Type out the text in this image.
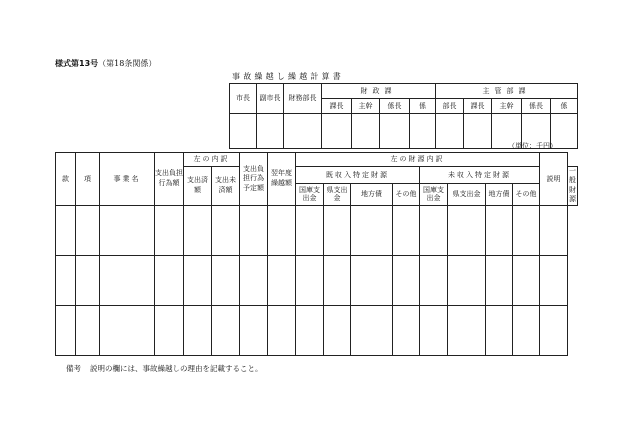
様式第13号（第18条関係）
事故繰越し繰越計算書
市長	副市長	財務部長	財政課				主管部課				
			課長	主幹	係長	係	部長	課長	主幹	係長	係

（単位：千円）
款	項	事業名	支出負担行為額	左の内訳		支出負担行為予定額	翌年度繰越額	左の財源内訳								説明	
				支出済額	支出未済額			既収入特定財源				未収入特定財源					一般財源
								国庫支出金	県支出金	地方債	その他	国庫支出金	県支出金	地方債	その他		

備考 説明の欄には、事故繰越しの理由を記載すること。
